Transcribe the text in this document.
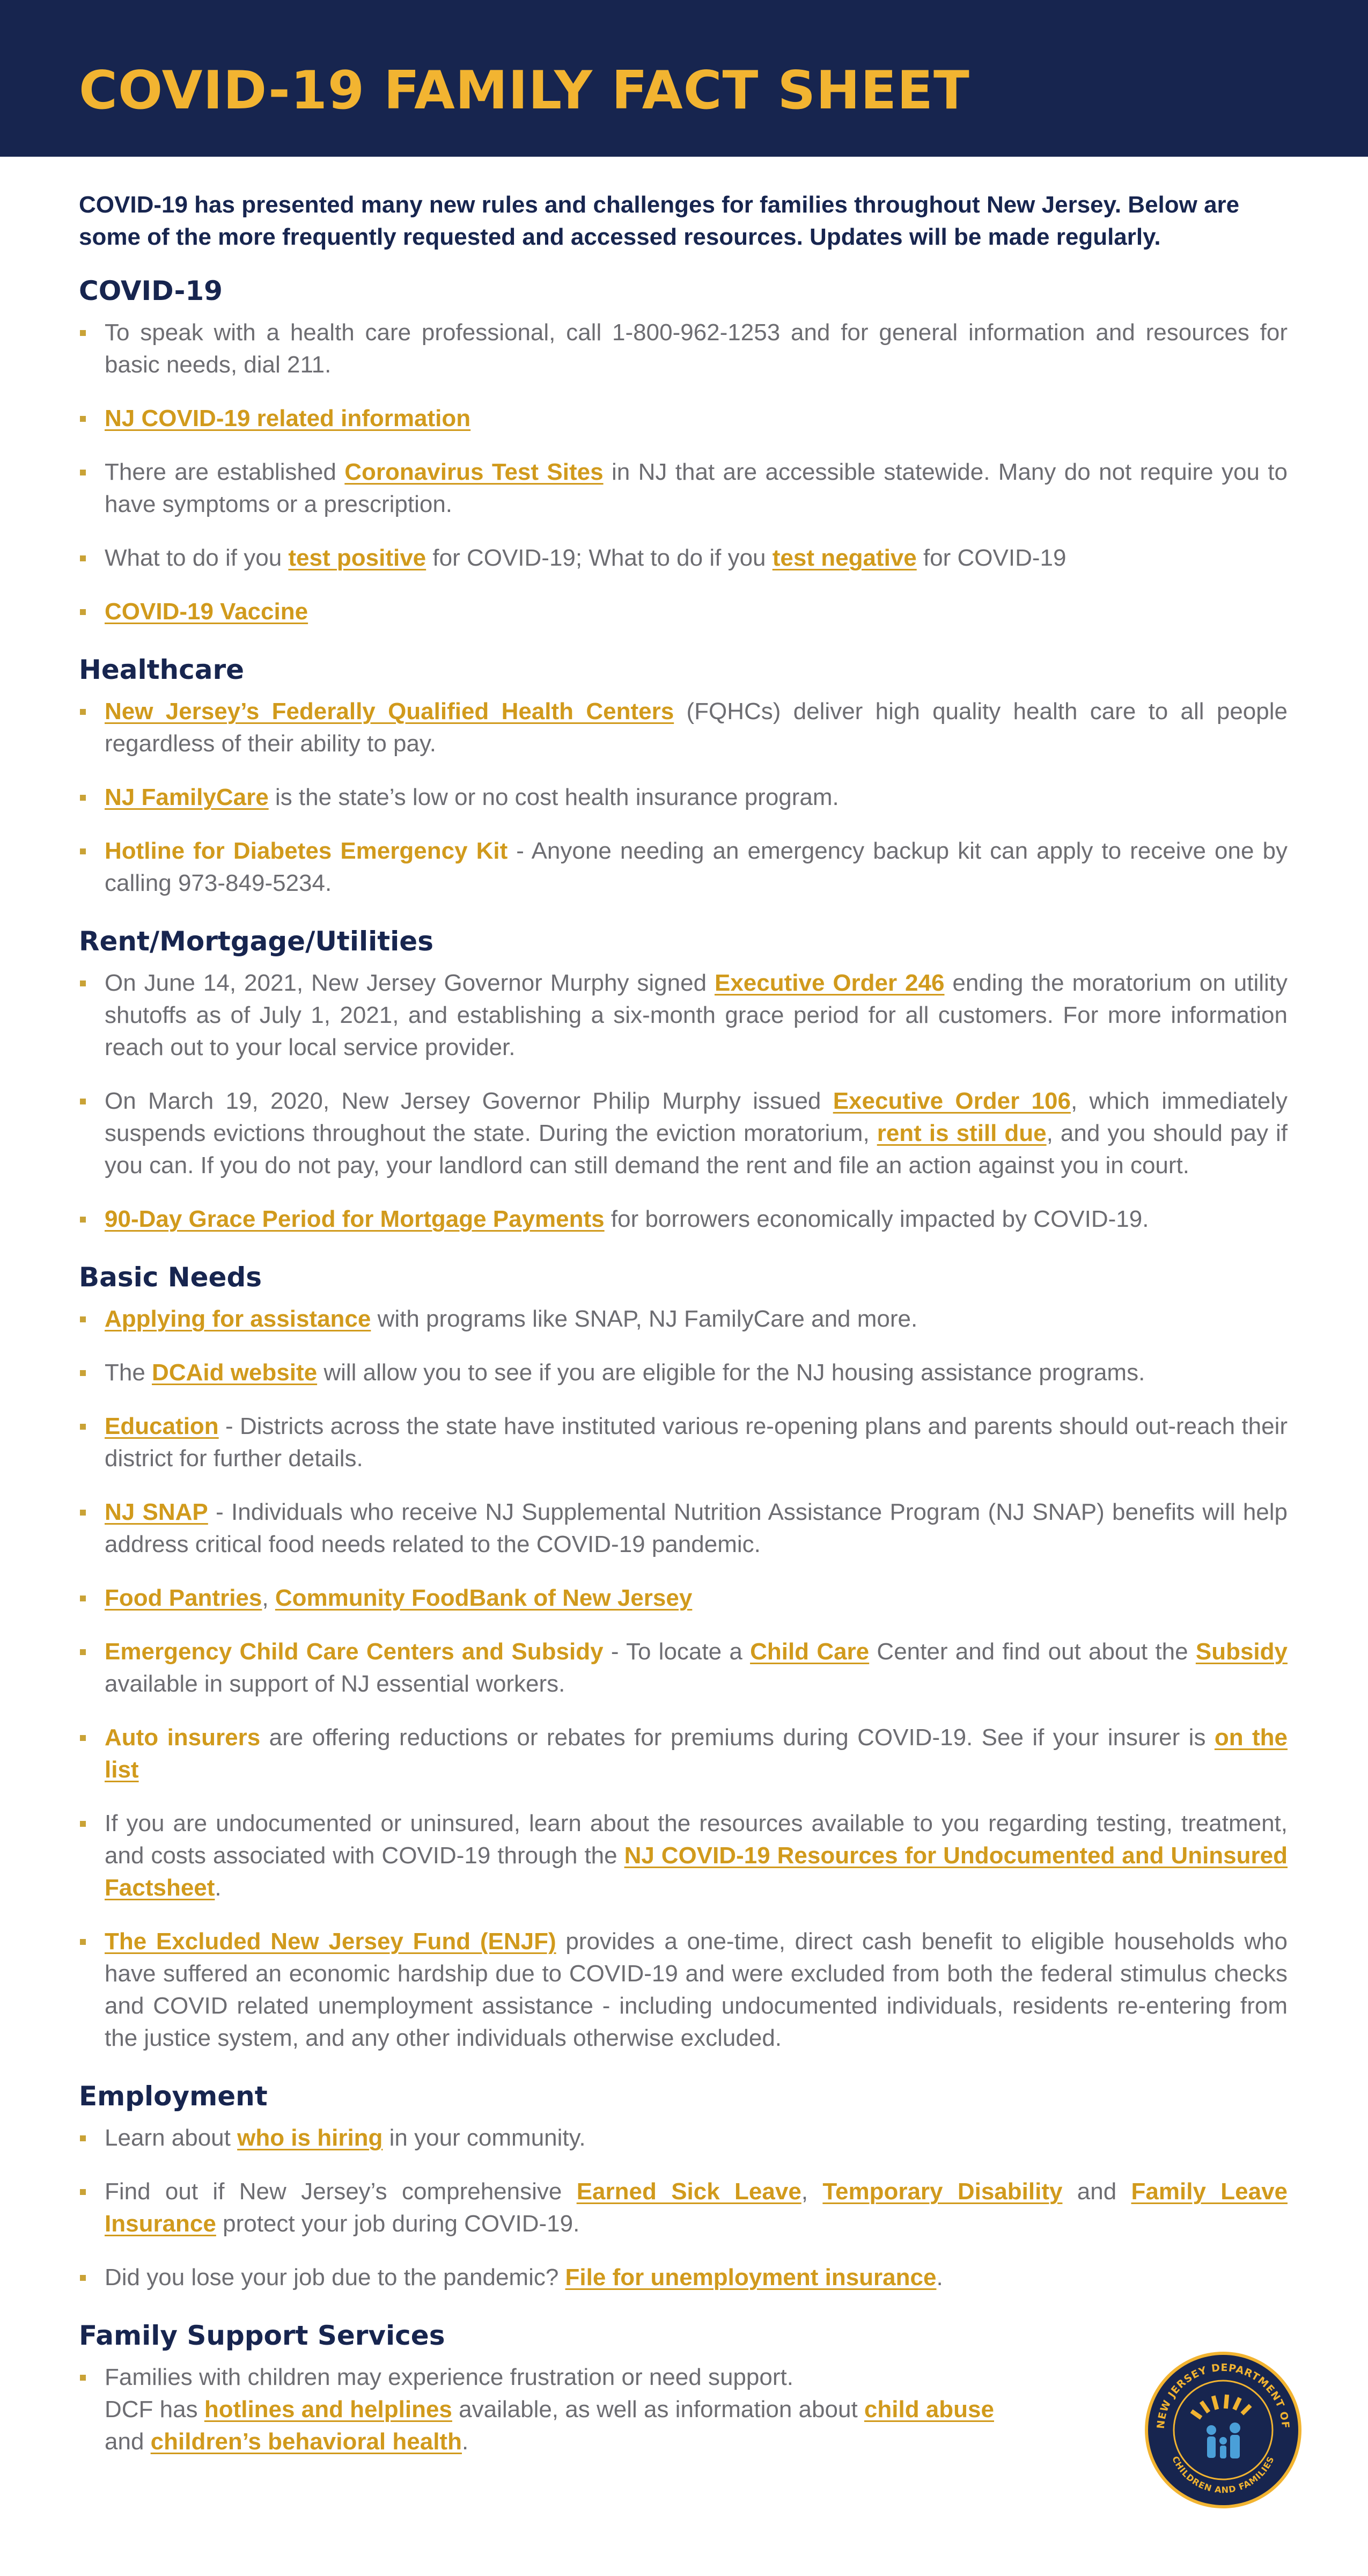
COVID-19 FAMILY FACT SHEET

COVID-19 has presented many new rules and challenges for families throughout New Jersey. Below are some of the more frequently requested and accessed resources. Updates will be made regularly.

COVID-19
To speak with a health care professional, call 1-800-962-1253 and for general information and resources for basic needs, dial 211.
NJ COVID-19 related information
There are established Coronavirus Test Sites in NJ that are accessible statewide. Many do not require you to have symptoms or a prescription.
What to do if you test positive for COVID-19; What to do if you test negative for COVID-19
COVID-19 Vaccine
Healthcare
New Jersey’s Federally Qualified Health Centers (FQHCs) deliver high quality health care to all people regardless of their ability to pay.
NJ FamilyCare is the state’s low or no cost health insurance program.
Hotline for Diabetes Emergency Kit - Anyone needing an emergency backup kit can apply to receive one by calling 973-849-5234.
Rent/Mortgage/Utilities
On June 14, 2021, New Jersey Governor Murphy signed Executive Order 246 ending the moratorium on utility shutoffs as of July 1, 2021, and establishing a six-month grace period for all customers. For more information reach out to your local service provider.
On March 19, 2020, New Jersey Governor Philip Murphy issued Executive Order 106, which immediately suspends evictions throughout the state. During the eviction moratorium, rent is still due, and you should pay if you can. If you do not pay, your landlord can still demand the rent and file an action against you in court.
90-Day Grace Period for Mortgage Payments for borrowers economically impacted by COVID-19.
Basic Needs
Applying for assistance with programs like SNAP, NJ FamilyCare and more.
The DCAid website will allow you to see if you are eligible for the NJ housing assistance programs.
Education - Districts across the state have instituted various re-opening plans and parents should out-reach their district for further details.
NJ SNAP - Individuals who receive NJ Supplemental Nutrition Assistance Program (NJ SNAP) benefits will help address critical food needs related to the COVID-19 pandemic.
Food Pantries, Community FoodBank of New Jersey
Emergency Child Care Centers and Subsidy - To locate a Child Care Center and find out about the Subsidy available in support of NJ essential workers.
Auto insurers are offering reductions or rebates for premiums during COVID-19. See if your insurer is on the list
If you are undocumented or uninsured, learn about the resources available to you regarding testing, treatment, and costs associated with COVID-19 through the NJ COVID-19 Resources for Undocumented and Uninsured Factsheet.
The Excluded New Jersey Fund (ENJF) provides a one-time, direct cash benefit to eligible households who have suffered an economic hardship due to COVID-19 and were excluded from both the federal stimulus checks and COVID related unemployment assistance - including undocumented individuals, residents re-entering from the justice system, and any other individuals otherwise excluded.
Employment
Learn about who is hiring in your community.
Find out if New Jersey’s comprehensive Earned Sick Leave, Temporary Disability and Family Leave Insurance protect your job during COVID-19.
Did you lose your job due to the pandemic? File for unemployment insurance.
Family Support Services
Families with children may experience frustration or need support.
DCF has hotlines and helplines available, as well as information about child abuse
and children’s behavioral health.
NEW JERSEY DEPARTMENT OF
CHILDREN AND FAMILIES
